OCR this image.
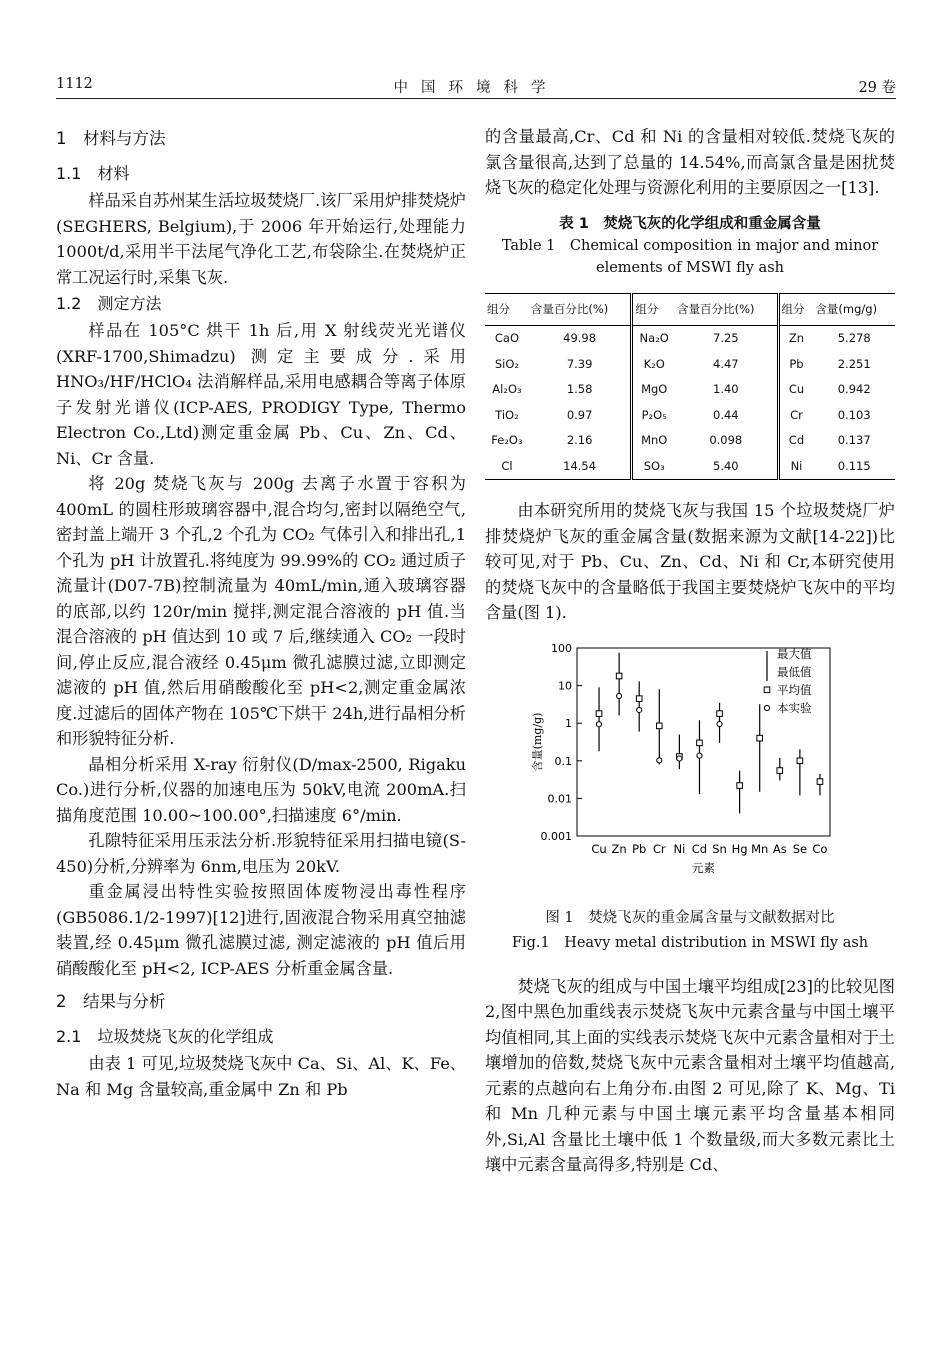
1112	中国环境科学	29 卷
1　材料与方法
1.1　材料

样品采自苏州某生活垃圾焚烧厂.该厂采用炉排焚烧炉(SEGHERS, Belgium),于 2006 年开始运行,处理能力 1000t/d,采用半干法尾气净化工艺,布袋除尘.在焚烧炉正常工况运行时,采集飞灰.

1.2　测定方法

样品在 105°C 烘干 1h 后,用 X 射线荧光光谱仪 (XRF-1700,Shimadzu) 测定主要成分.采用 HNO₃/HF/HClO₄ 法消解样品,采用电感耦合等离子体原子发射光谱仪(ICP-AES, PRODIGY Type, Thermo Electron Co.,Ltd)测定重金属 Pb、Cu、Zn、Cd、Ni、Cr 含量.

将 20g 焚烧飞灰与 200g 去离子水置于容积为 400mL 的圆柱形玻璃容器中,混合均匀,密封以隔绝空气,密封盖上端开 3 个孔,2 个孔为 CO₂ 气体引入和排出孔,1 个孔为 pH 计放置孔.将纯度为 99.99%的 CO₂ 通过质子流量计(D07-7B)控制流量为 40mL/min,通入玻璃容器的底部,以约 120r/min 搅拌,测定混合溶液的 pH 值.当混合溶液的 pH 值达到 10 或 7 后,继续通入 CO₂ 一段时间,停止反应,混合液经 0.45μm 微孔滤膜过滤,立即测定滤液的 pH 值,然后用硝酸酸化至 pH<2,测定重金属浓度.过滤后的固体产物在 105℃下烘干 24h,进行晶相分析和形貌特征分析.

晶相分析采用 X-ray 衍射仪(D/max-2500, Rigaku Co.)进行分析,仪器的加速电压为 50kV,电流 200mA.扫描角度范围 10.00~100.00°,扫描速度 6°/min.

孔隙特征采用压汞法分析.形貌特征采用扫描电镜(S-450)分析,分辨率为 6nm,电压为 20kV.

重金属浸出特性实验按照固体废物浸出毒性程序(GB5086.1/2-1997)[12]进行,固液混合物采用真空抽滤装置,经 0.45μm 微孔滤膜过滤, 测定滤液的 pH 值后用硝酸酸化至 pH<2, ICP-AES 分析重金属含量.

2　结果与分析
2.1　垃圾焚烧飞灰的化学组成

由表 1 可见,垃圾焚烧飞灰中 Ca、Si、Al、K、Fe、Na 和 Mg 含量较高,重金属中 Zn 和 Pb

的含量最高,Cr、Cd 和 Ni 的含量相对较低.焚烧飞灰的氯含量很高,达到了总量的 14.54%,而高氯含量是困扰焚烧飞灰的稳定化处理与资源化利用的主要原因之一[13].

表 1　焚烧飞灰的化学组成和重金属含量
Table 1　Chemical composition in major and minor elements of MSWI fly ash
组分	含量百分比(%)	组分	含量百分比(%)	组分	含量(mg/g)
CaO	49.98	Na₂O	7.25	Zn	5.278
SiO₂	7.39	K₂O	4.47	Pb	2.251
Al₂O₃	1.58	MgO	1.40	Cu	0.942
TiO₂	0.97	P₂O₅	0.44	Cr	0.103
Fe₂O₃	2.16	MnO	0.098	Cd	0.137
Cl	14.54	SO₃	5.40	Ni	0.115

由本研究所用的焚烧飞灰与我国 15 个垃圾焚烧厂炉排焚烧炉飞灰的重金属含量(数据来源为文献[14-22])比较可见,对于 Pb、Cu、Zn、Cd、Ni 和 Cr,本研究使用的焚烧飞灰中的含量略低于我国主要焚烧炉飞灰中的平均含量(图 1).

0.001
0.01
0.1
1
10
100
含量(mg/g)
Cu Zn Pb Cr Ni Cd Sn Hg Mn As Se Co
元素
最大值
最低值
平均值
本实验
图 1　焚烧飞灰的重金属含量与文献数据对比
Fig.1　Heavy metal distribution in MSWI fly ash

焚烧飞灰的组成与中国土壤平均组成[23]的比较见图 2,图中黑色加重线表示焚烧飞灰中元素含量与中国土壤平均值相同,其上面的实线表示焚烧飞灰中元素含量相对于土壤增加的倍数,焚烧飞灰中元素含量相对土壤平均值越高,元素的点越向右上角分布.由图 2 可见,除了 K、Mg、Ti 和 Mn 几种元素与中国土壤元素平均含量基本相同外,Si,Al 含量比土壤中低 1 个数量级,而大多数元素比土壤中元素含量高得多,特别是 Cd、
